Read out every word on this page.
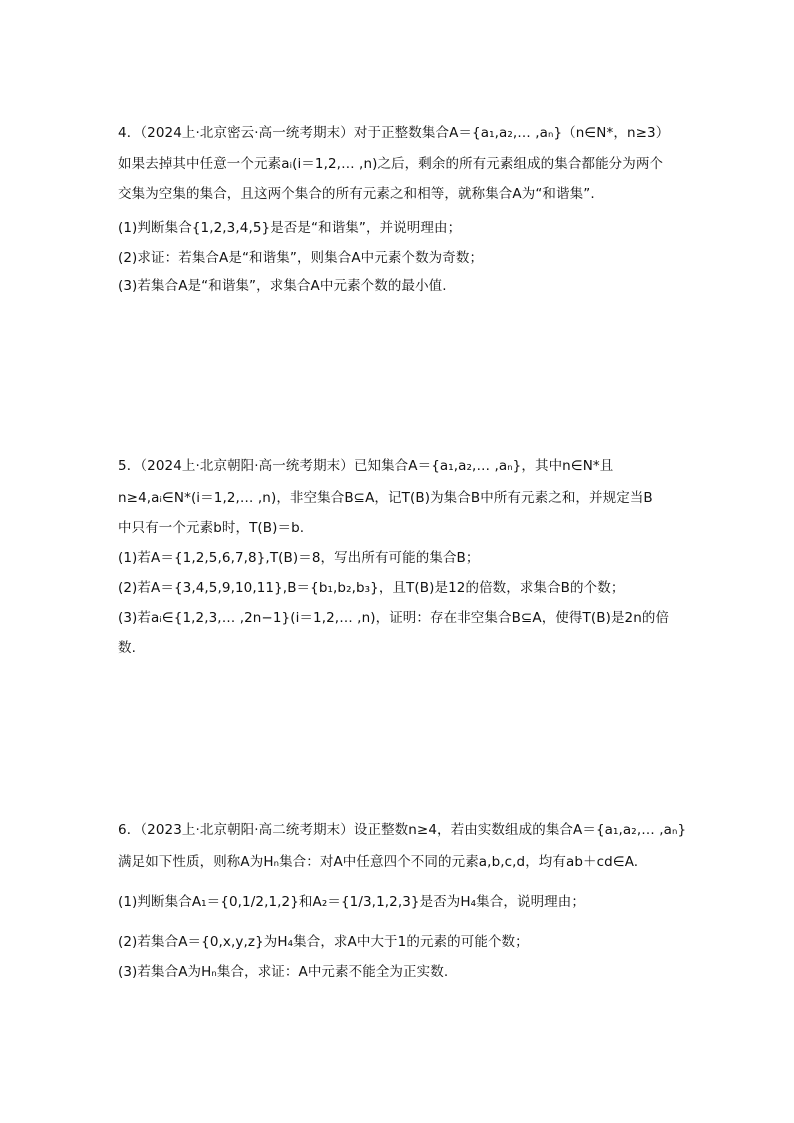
4．（2024上·北京密云·高一统考期末）对于正整数集合A＝{a₁,a₂,… ,aₙ}（n∈N*，n≥3）
如果去掉其中任意一个元素aᵢ(i＝1,2,… ,n)之后，剩余的所有元素组成的集合都能分为两个
交集为空集的集合，且这两个集合的所有元素之和相等，就称集合A为“和谐集”.
(1)判断集合{1,2,3,4,5}是否是“和谐集”，并说明理由；
(2)求证：若集合A是“和谐集”，则集合A中元素个数为奇数；
(3)若集合A是“和谐集”，求集合A中元素个数的最小值.
5．（2024上·北京朝阳·高一统考期末）已知集合A＝{a₁,a₂,… ,aₙ}，其中n∈N*且
n≥4,aᵢ∈N*(i＝1,2,… ,n)，非空集合B⊆A，记T(B)为集合B中所有元素之和，并规定当B
中只有一个元素b时，T(B)＝b.
(1)若A＝{1,2,5,6,7,8},T(B)＝8，写出所有可能的集合B；
(2)若A＝{3,4,5,9,10,11},B＝{b₁,b₂,b₃}，且T(B)是12的倍数，求集合B的个数；
(3)若aᵢ∈{1,2,3,… ,2n−1}(i＝1,2,… ,n)，证明：存在非空集合B⊆A，使得T(B)是2n的倍
数.
6．（2023上·北京朝阳·高二统考期末）设正整数n≥4，若由实数组成的集合A＝{a₁,a₂,… ,aₙ}
满足如下性质，则称A为Hₙ集合：对A中任意四个不同的元素a,b,c,d，均有ab＋cd∈A.
(1)判断集合A₁＝{0,1/2,1,2}和A₂＝{1/3,1,2,3}是否为H₄集合，说明理由；
(2)若集合A＝{0,x,y,z}为H₄集合，求A中大于1的元素的可能个数；
(3)若集合A为Hₙ集合，求证：A中元素不能全为正实数.
